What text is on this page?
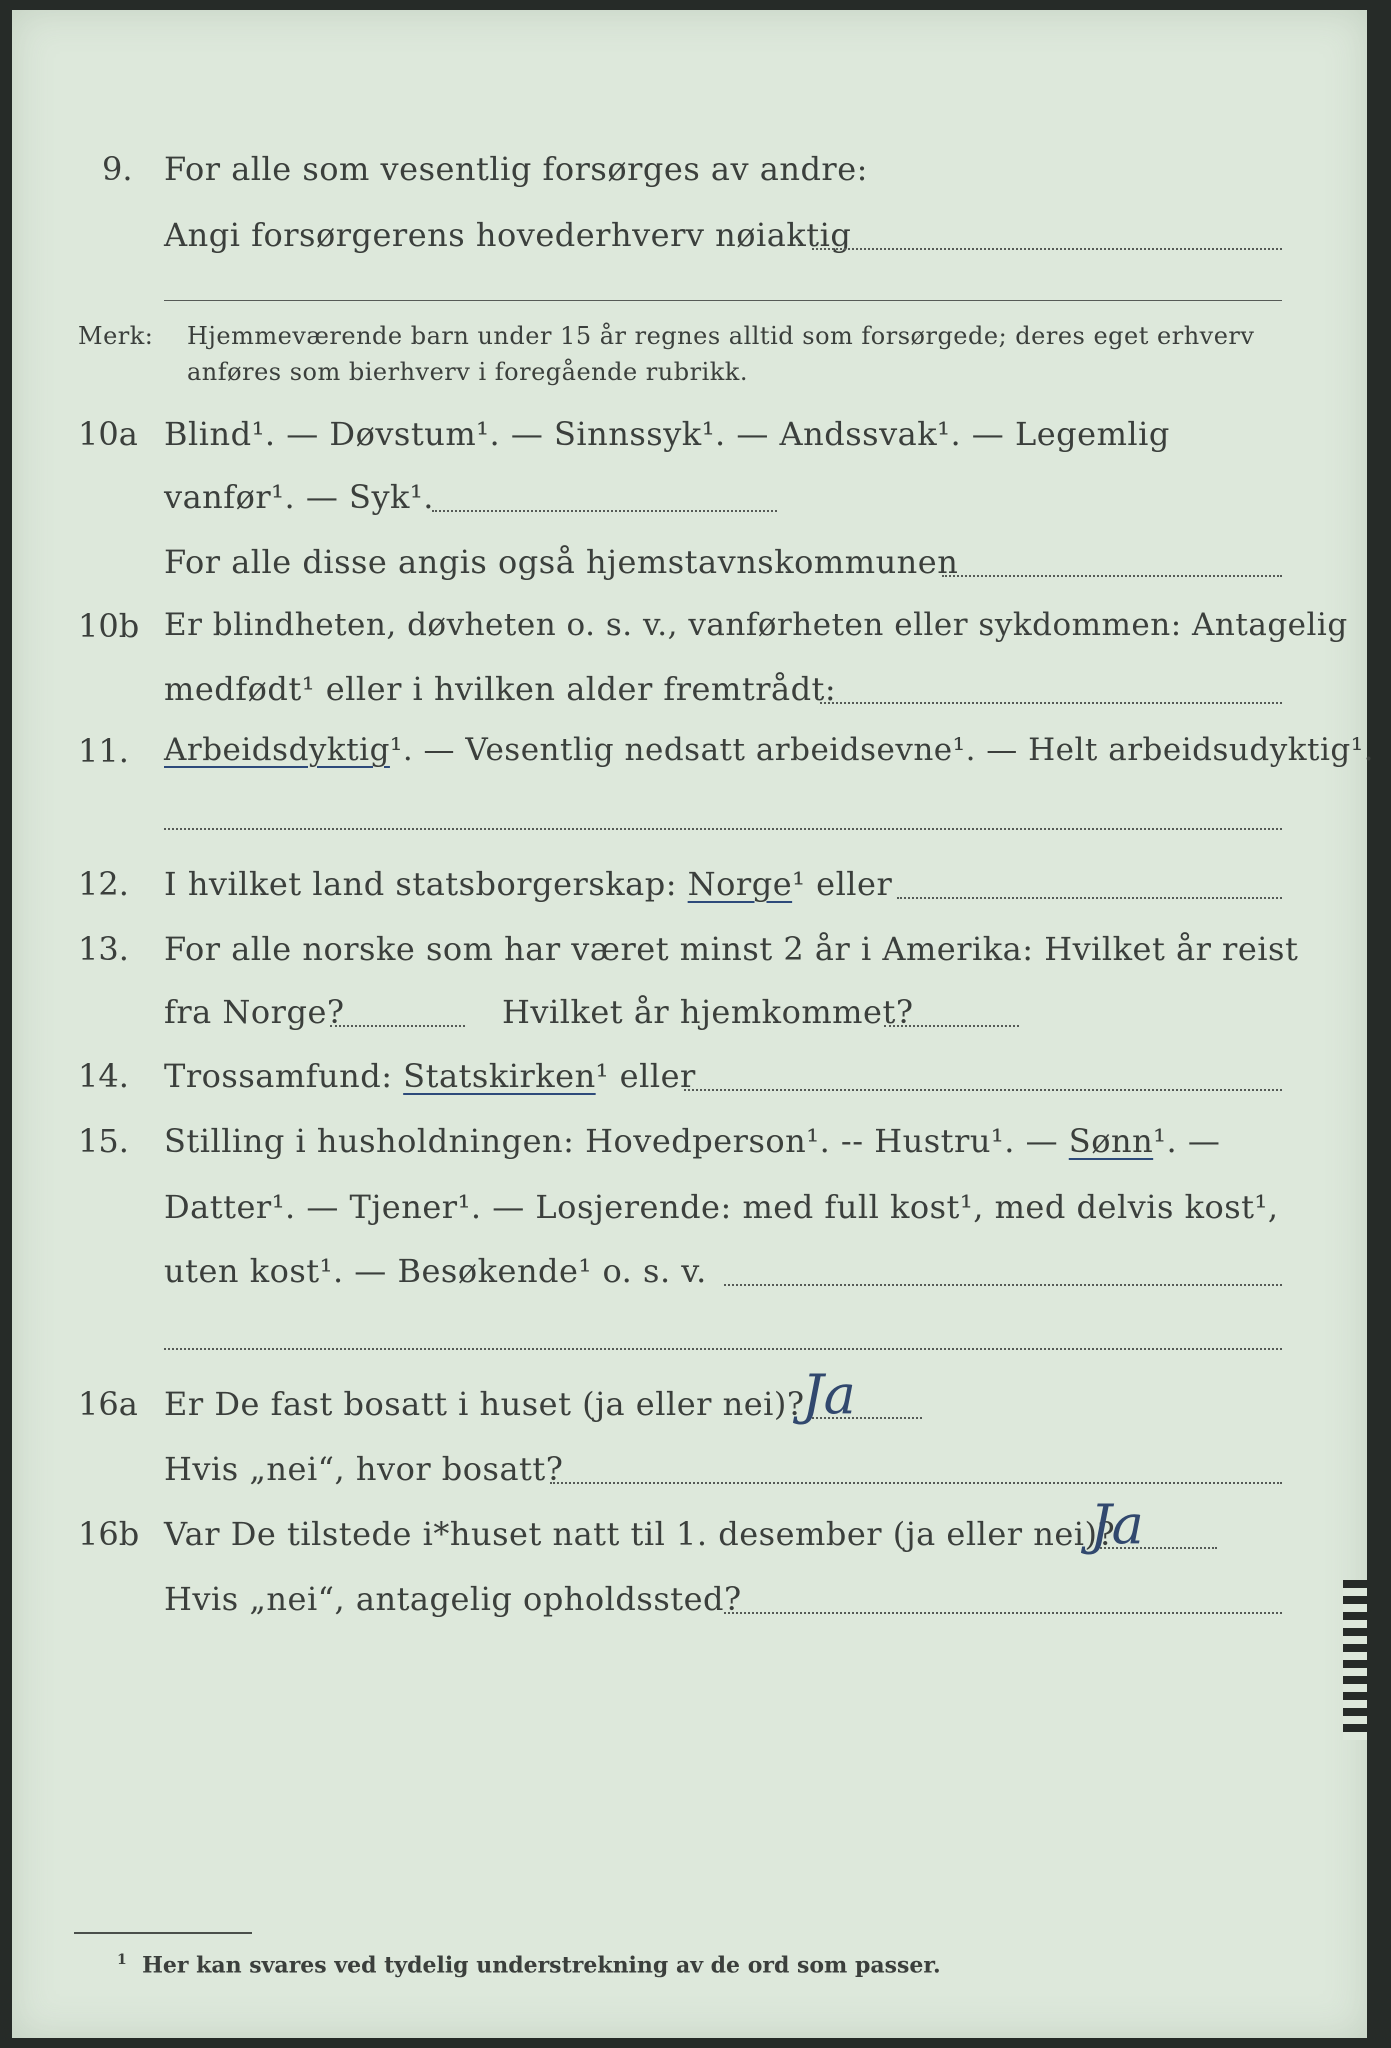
9. For alle som vesentlig forsørges av andre:
Angi forsørgerens hovederhverv nøiaktig
Merk: Hjemmeværende barn under 15 år regnes alltid som forsørgede; deres eget erhverv
anføres som bierhverv i foregående rubrikk.
10a Blind¹. — Døvstum¹. — Sinnssyk¹. — Andssvak¹. — Legemlig
vanfør¹. — Syk¹.
For alle disse angis også hjemstavnskommunen
10b Er blindheten, døvheten o. s. v., vanførheten eller sykdommen: Antagelig
medfødt¹ eller i hvilken alder fremtrådt:
11. Arbeidsdyktig¹. — Vesentlig nedsatt arbeidsevne¹. — Helt arbeidsudyktig¹.
12. I hvilket land statsborgerskap: Norge¹ eller
13. For alle norske som har været minst 2 år i Amerika: Hvilket år reist
fra Norge?	Hvilket år hjemkommet?
14. Trossamfund: Statskirken¹ eller
15. Stilling i husholdningen: Hovedperson¹. -- Hustru¹. — Sønn¹. —
Datter¹. — Tjener¹. — Losjerende: med full kost¹, med delvis kost¹,
uten kost¹. — Besøkende¹ o. s. v.
16a Er De fast bosatt i huset (ja eller nei)?
Ja
Hvis „nei“, hvor bosatt?
16b Var De tilstede i*huset natt til 1. desember (ja eller nei)?
Ja
Hvis „nei“, antagelig opholdssted?
$^1$ Her kan svares ved tydelig understrekning av de ord som passer.
